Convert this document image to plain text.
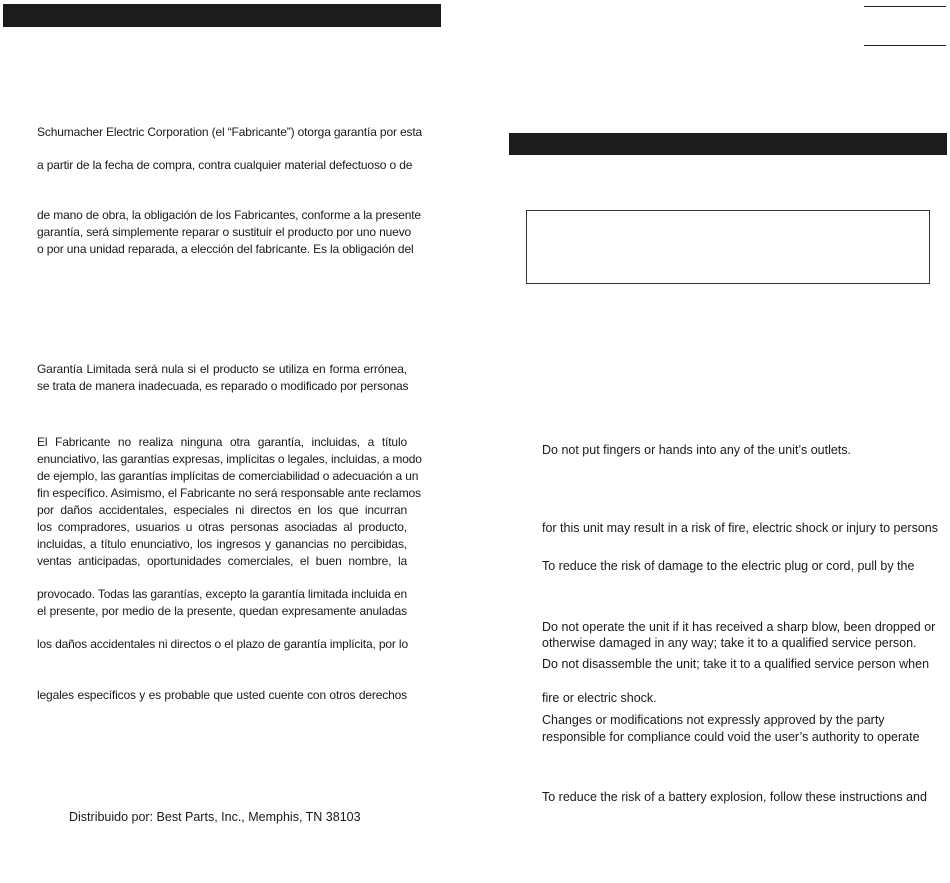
Schumacher Electric Corporation (el “Fabricante”) otorga garantía por esta
a partir de la fecha de compra, contra cualquier material defectuoso o de
de mano de obra, la obligación de los Fabricantes, conforme a la presente
garantía, será simplemente reparar o sustituir el producto por uno nuevo
o por una unidad reparada, a elección del fabricante. Es la obligación del
Garantía Limitada será nula si el producto se utiliza en forma errónea,
se trata de manera inadecuada, es reparado o modificado por personas
El Fabricante no realiza ninguna otra garantía, incluidas, a título
enunciativo, las garantías expresas, implícitas o legales, incluidas, a modo
de ejemplo, las garantías implícitas de comerciabilidad o adecuación a un
fin específico. Asimismo, el Fabricante no será responsable ante reclamos
por daños accidentales, especiales ni directos en los que incurran
los compradores, usuarios u otras personas asociadas al producto,
incluidas, a título enunciativo, los ingresos y ganancias no percibidas,
ventas anticipadas, oportunidades comerciales, el buen nombre, la
provocado. Todas las garantías, excepto la garantía limitada incluida en
el presente, por medio de la presente, quedan expresamente anuladas
los daños accidentales ni directos o el plazo de garantía implícita, por lo
legales específicos y es probable que usted cuente con otros derechos
Distribuido por: Best Parts, Inc., Memphis, TN 38103
Do not put fingers or hands into any of the unit’s outlets.
for this unit may result in a risk of fire, electric shock or injury to persons
To reduce the risk of damage to the electric plug or cord, pull by the
Do not operate the unit if it has received a sharp blow, been dropped or
otherwise damaged in any way; take it to a qualified service person.
Do not disassemble the unit; take it to a qualified service person when
fire or electric shock.
Changes or modifications not expressly approved by the party
responsible for compliance could void the user’s authority to operate
To reduce the risk of a battery explosion, follow these instructions and
